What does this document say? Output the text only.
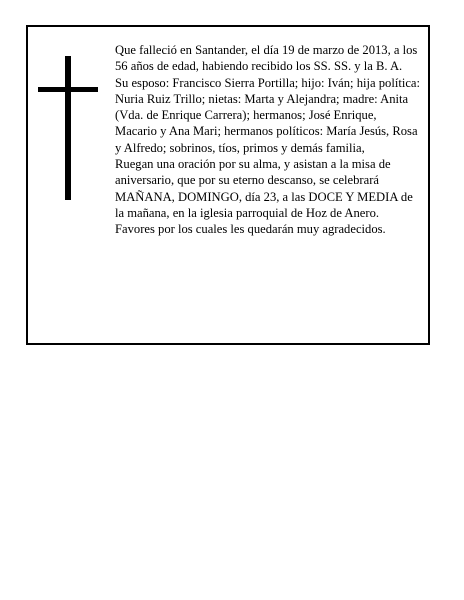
Que falleció en Santander, el día 19 de marzo de 2013, a los 56 años de edad, habiendo recibido los SS. SS. y la B. A.

Su esposo: Francisco Sierra Portilla; hijo: Iván; hija política: Nuria Ruiz Trillo; nietas: Marta y Alejandra; madre: Anita (Vda. de Enrique Carrera); hermanos; José Enrique, Macario y Ana Mari; hermanos políticos: María Jesús, Rosa y Alfredo; sobrinos, tíos, primos y demás familia,

Ruegan una oración por su alma, y asistan a la misa de aniversario, que por su eterno descanso, se celebrará MAÑANA, DOMINGO, día 23, a las DOCE Y MEDIA de la mañana, en la iglesia parroquial de Hoz de Anero. Favores por los cuales les quedarán muy agradecidos.
